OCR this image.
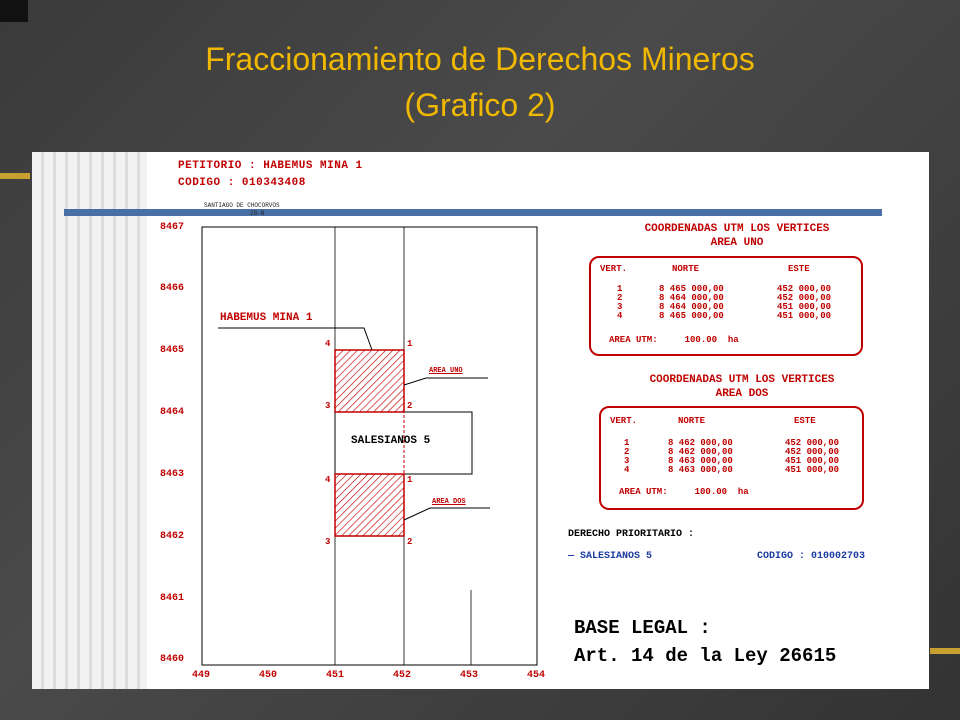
Fraccionamiento de Derechos Mineros
(Grafico 2)
PETITORIO : HABEMUS MINA 1
CODIGO : 010343408
SANTIAGO DE CHOCORVOS
28-N
8467
8466
8465
8464
8463
8462
8461
8460
449	450	451	452	453	454
HABEMUS MINA 1
AREA UNO
AREA DOS
SALESIANOS 5
4	1
3	2
4	1
3	2
COORDENADAS UTM LOS VERTICES
AREA UNO
VERT.	NORTE	ESTE
1	8 465 000,00	452 000,00
2	8 464 000,00	452 000,00
3	8 464 000,00	451 000,00
4	8 465 000,00	451 000,00
AREA UTM:     100.00  ha
COORDENADAS UTM LOS VERTICES
AREA DOS
VERT.	NORTE	ESTE
1	8 462 000,00	452 000,00
2	8 462 000,00	452 000,00
3	8 463 000,00	451 000,00
4	8 463 000,00	451 000,00
AREA UTM:     100.00  ha
DERECHO PRIORITARIO :
— SALESIANOS 5	CODIGO : 010002703
BASE LEGAL :
Art. 14 de la Ley 26615
